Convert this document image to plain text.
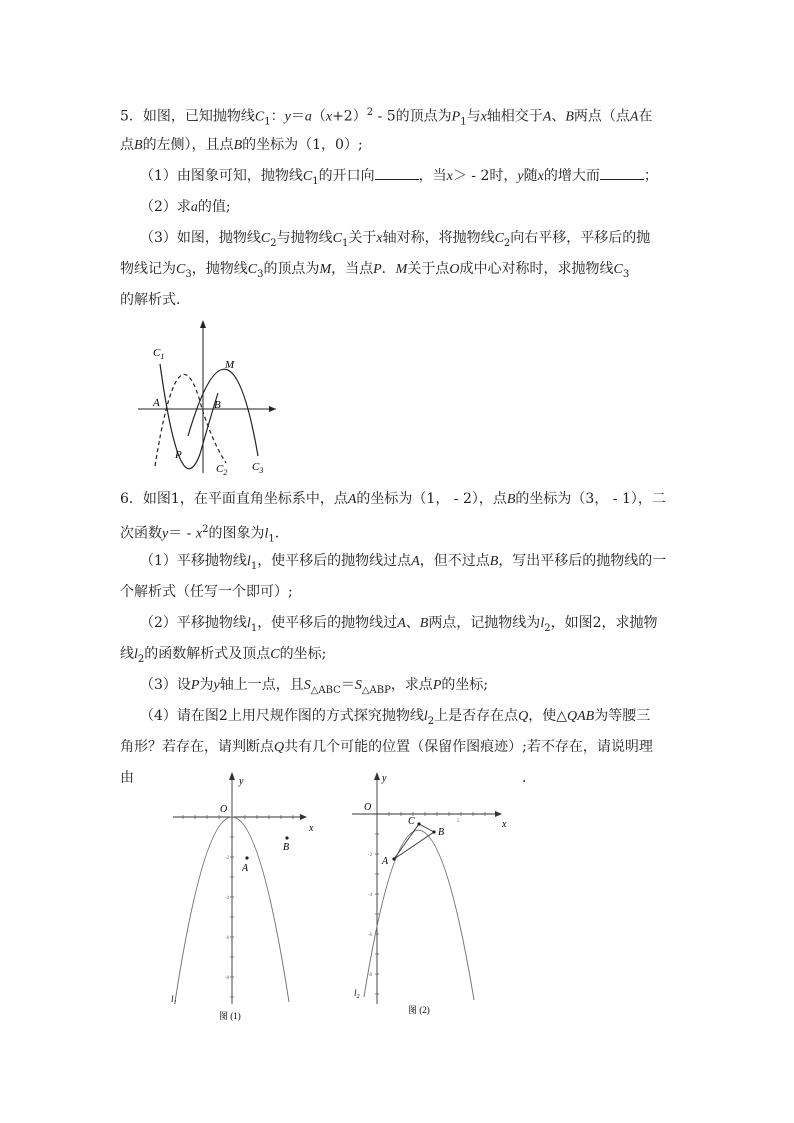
5．如图，已知抛物线$C_1$：$y=a(x+2)^2 - 5$的顶点为$P_1$与x轴相交于A、B两点（点A在
点B的左侧），且点B的坐标为（1，0）;
（1）由图象可知，抛物线$C_1$的开口向	，当x＞ - 2时，y随x的增大而	；
（2）求a的值;
（3）如图，抛物线$C_2$与抛物线$C_1$关于x轴对称，将抛物线$C_2$向右平移，平移后的抛
物线记为$C_3$，抛物线$C_3$的顶点为M，当点P．M关于点O成中心对称时，求抛物线$C_3$
的解析式．
$C_1$
M
A	B
P
$C_2$ $C_3$
6．如图1，在平面直角坐标系中，点A的坐标为（1， - 2），点B的坐标为（3， - 1），二
次函数$y= - x^2$的图象为$l_1$．
（1）平移抛物线$l_1$，使平移后的抛物线过点A，但不过点B，写出平移后的抛物线的一
个解析式（任写一个即可）;
（2）平移抛物线$l_1$，使平移后的抛物线过A、B两点，记抛物线为$l_2$，如图2，求抛物
线$l_2$的函数解析式及顶点C的坐标;
（3）设P为y轴上一点，且$S_{\triangle ABC}=S_{\triangle ABP}$，求点P的坐标;
（4）请在图2上用尺规作图的方式探究抛物线$l_2$上是否存在点Q，使△QAB为等腰三
角形？若存在，请判断点Q共有几个可能的位置（保留作图痕迹）;若不存在，请说明理
由	．
y
O
x
B
A
-2
-4
-6
-8
$l_1$
图 (1)
y
O
x
C
B
A
5
-2
-4
-6
-8
$l_2$
图 (2)
